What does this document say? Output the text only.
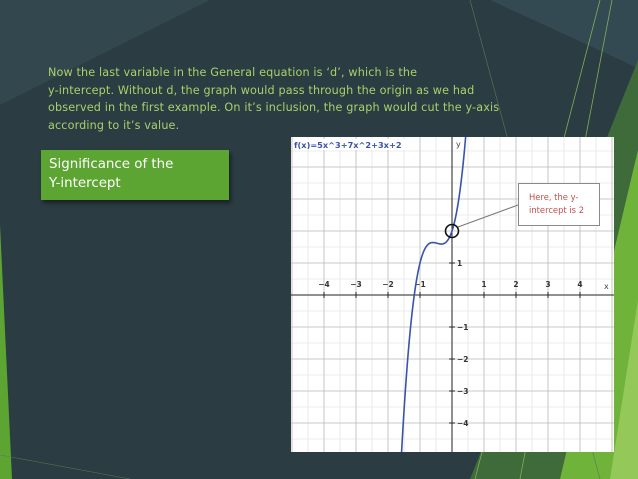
Now the last variable in the General equation is ‘d’, which is the
y-intercept. Without d, the graph would pass through the origin as we had
observed in the first example. On it’s inclusion, the graph would cut the y-axis
according to it’s value.

Significance of the
Y-intercept
−4	−3	−2	−1	1	2	3	4
−4
−3
−2
−1
1
x
y
f(x)=5x^3+7x^2+3x+2
Here, the y-
intercept is 2
